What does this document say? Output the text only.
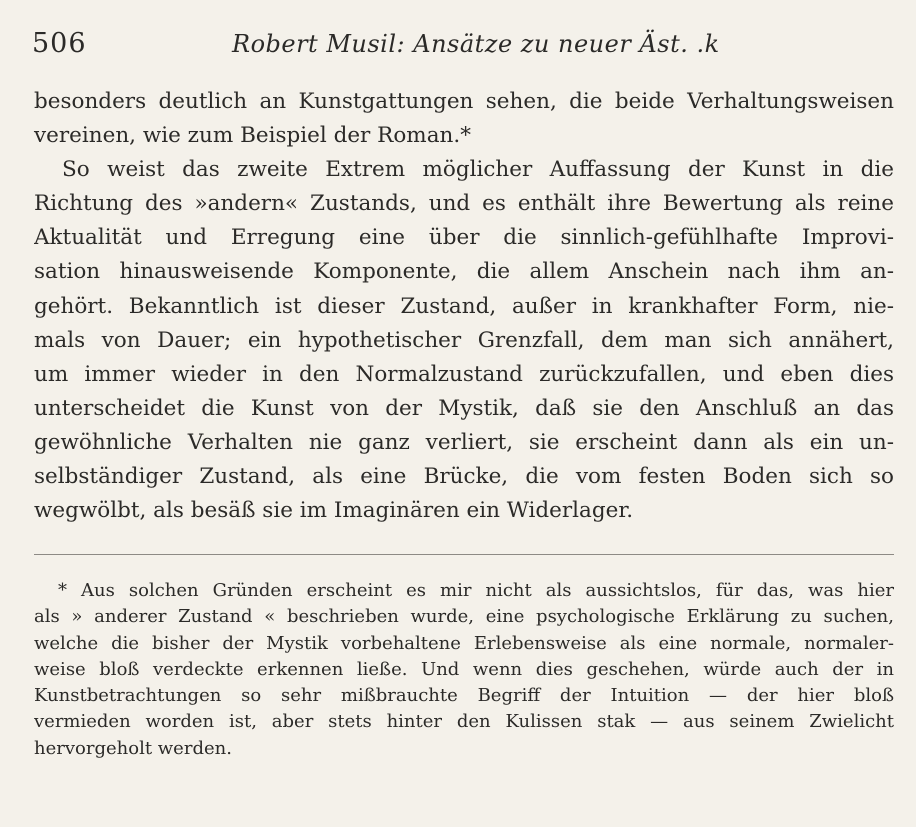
506	Robert Musil: Ansätze zu neuer Äst. .k
besonders deutlich an Kunstgattungen sehen, die beide Verhaltungsweisen
vereinen, wie zum Beispiel der Roman.*
So weist das zweite Extrem möglicher Auffassung der Kunst in die
Richtung des »andern« Zustands, und es enthält ihre Bewertung als reine
Aktualität und Erregung eine über die sinnlich-gefühlhafte Improvi-
sation hinausweisende Komponente, die allem Anschein nach ihm an-
gehört. Bekanntlich ist dieser Zustand, außer in krankhafter Form, nie-
mals von Dauer; ein hypothetischer Grenzfall, dem man sich annähert,
um immer wieder in den Normalzustand zurückzufallen, und eben dies
unterscheidet die Kunst von der Mystik, daß sie den Anschluß an das
gewöhnliche Verhalten nie ganz verliert, sie erscheint dann als ein un-
selbständiger Zustand, als eine Brücke, die vom festen Boden sich so
wegwölbt, als besäß sie im Imaginären ein Widerlager.
* Aus solchen Gründen erscheint es mir nicht als aussichtslos, für das, was hier
als » anderer Zustand « beschrieben wurde, eine psychologische Erklärung zu suchen,
welche die bisher der Mystik vorbehaltene Erlebensweise als eine normale, normaler-
weise bloß verdeckte erkennen ließe. Und wenn dies geschehen, würde auch der in
Kunstbetrachtungen so sehr mißbrauchte Begriff der Intuition — der hier bloß
vermieden worden ist, aber stets hinter den Kulissen stak — aus seinem Zwielicht
hervorgeholt werden.
